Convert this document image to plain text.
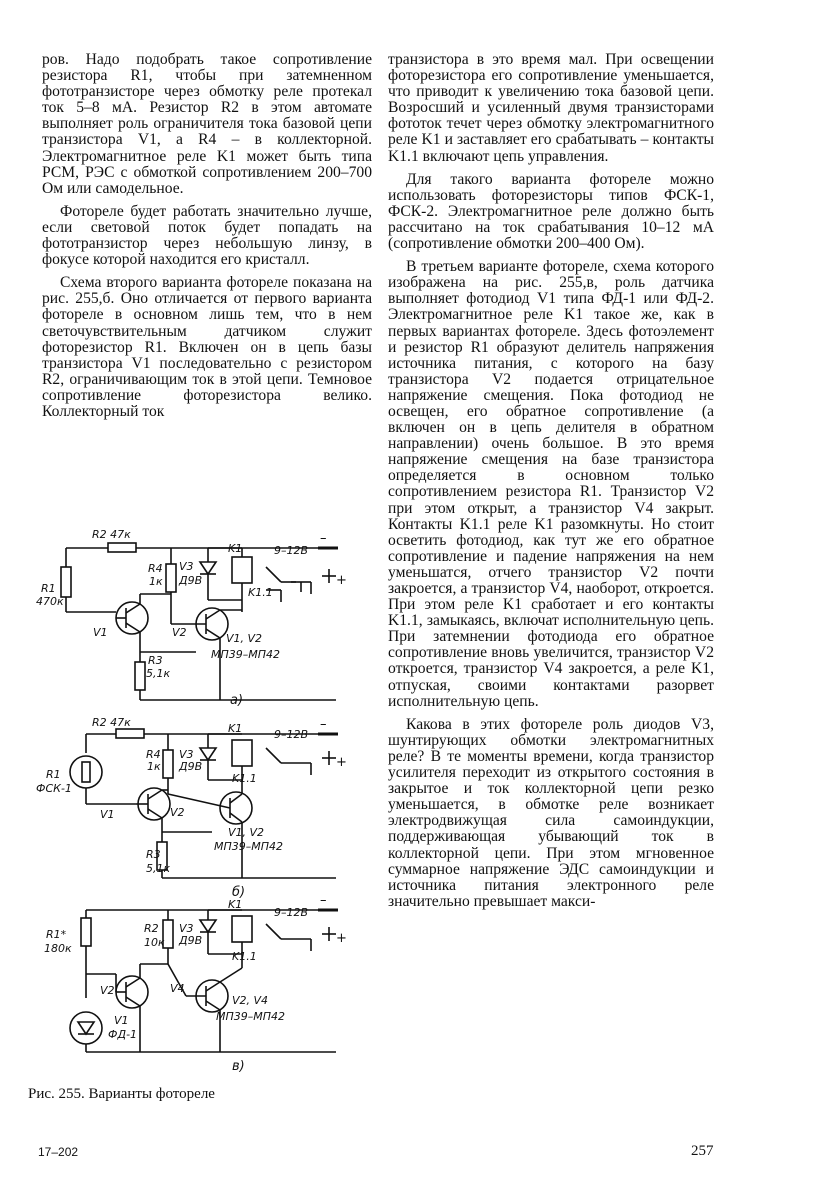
ров. Надо подобрать такое сопротивление резистора R1, чтобы при затемненном фототранзисторе через обмотку реле протекал ток 5–8 мА. Резистор R2 в этом автомате выполняет роль ограничителя тока базовой цепи транзистора V1, а R4 – в коллекторной. Электромагнитное реле K1 может быть типа РСМ, РЭС с обмоткой сопротивлением 200–700 Ом или самодельное.

Фотореле будет работать значительно лучше, если световой поток будет попадать на фототранзистор через небольшую линзу, в фокусе которой находится его кристалл.

Схема второго варианта фотореле показана на рис. 255,б. Оно отличается от первого варианта фотореле в основном лишь тем, что в нем светочувствительным датчиком служит фоторезистор R1. Включен он в цепь базы транзистора V1 последовательно с резистором R2, ограничивающим ток в этой цепи. Темновое сопротивление фоторезистора велико. Коллекторный ток

транзистора в это время мал. При освещении фоторезистора его сопротивление уменьшается, что приводит к увеличению тока базовой цепи. Возросший и усиленный двумя транзисторами фототок течет через обмотку электромагнитного реле K1 и заставляет его срабатывать – контакты K1.1 включают цепь управления.

Для такого варианта фотореле можно использовать фоторезисторы типов ФСК-1, ФСК-2. Электромагнитное реле должно быть рассчитано на ток срабатывания 10–12 мА (сопротивление обмотки 200–400 Ом).

В третьем варианте фотореле, схема которого изображена на рис. 255,в, роль датчика выполняет фотодиод V1 типа ФД-1 или ФД-2. Электромагнитное реле K1 такое же, как в первых вариантах фотореле. Здесь фотоэлемент и резистор R1 образуют делитель напряжения источника питания, с которого на базу транзистора V2 подается отрицательное напряжение смещения. Пока фотодиод не освещен, его обратное сопротивление (а включен он в цепь делителя в обратном направлении) очень большое. В это время напряжение смещения на базе транзистора определяется в основном только сопротивлением резистора R1. Транзистор V2 при этом открыт, а транзистор V4 закрыт. Контакты K1.1 реле K1 разомкнуты. Но стоит осветить фотодиод, как тут же его обратное сопротивление и падение напряжения на нем уменьшатся, отчего транзистор V2 почти закроется, а транзистор V4, наоборот, откроется. При этом реле K1 сработает и его контакты K1.1, замыкаясь, включат исполнительную цепь. При затемнении фотодиода его обратное сопротивление вновь увеличится, транзистор V2 откроется, транзистор V4 закроется, а реле K1, отпуская, своими контактами разорвет исполнительную цепь.

Какова в этих фотореле роль диодов V3, шунтирующих обмотки электромагнитных реле? В те моменты времени, когда транзистор усилителя переходит из открытого состояния в закрытое и ток коллекторной цепи резко уменьшается, в обмотке реле возникает электродвижущая сила самоиндукции, поддерживающая убывающий ток в коллекторной цепи. При этом мгновенное суммарное напряжение ЭДС самоиндукции и источника питания электронного реле значительно превышает макси-

R2 47к
R1
470к
R4
1к
V3
Д9В
K1	9–12В
K1.1
V1	V2	V1, V2
МП39–МП42
R3
5,1к
а)
–
+
R2 47к
R1
ФСК-1
R4
1к
V3
Д9В
K1	9–12В
K1.1
V1	V2
V1, V2
МП39–МП42
R3
5,1к
б)
–
+
R1*
180к
R2
10к
V3
Д9В
K1
9–12В
K1.1
V2	V4
V2, V4
МП39–МП42
V1
ФД-1
в)
–
+
Рис. 255. Варианты фотореле
17–202	257
